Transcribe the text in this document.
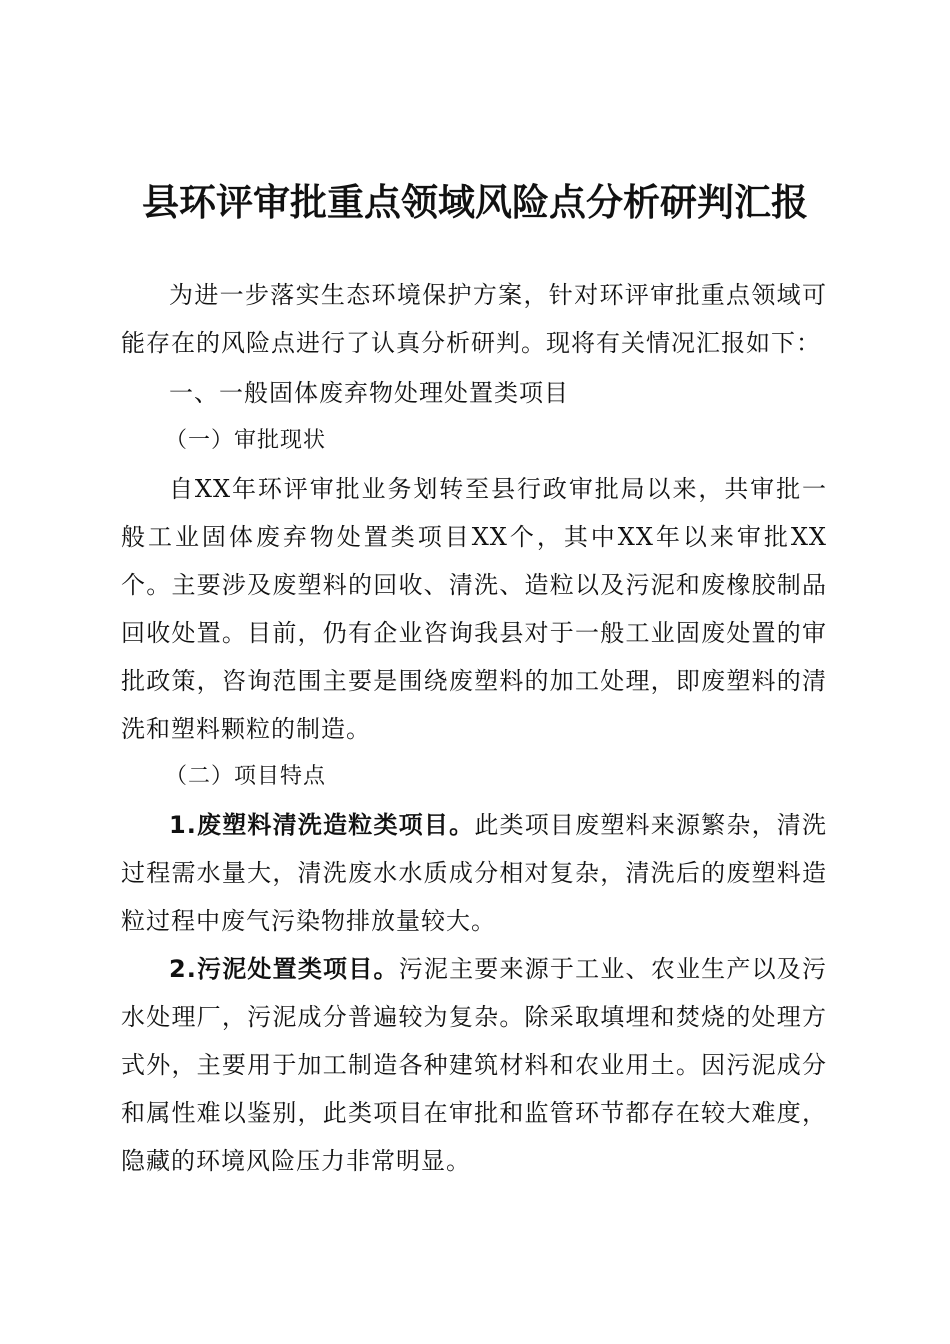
县环评审批重点领域风险点分析研判汇报

为进一步落实生态环境保护方案，针对环评审批重点领域可能存在的风险点进行了认真分析研判。现将有关情况汇报如下：

一、一般固体废弃物处理处置类项目

（一）审批现状

自XX年环评审批业务划转至县行政审批局以来，共审批一般工业固体废弃物处置类项目XX个，其中XX年以来审批XX个。主要涉及废塑料的回收、清洗、造粒以及污泥和废橡胶制品回收处置。目前，仍有企业咨询我县对于一般工业固废处置的审批政策，咨询范围主要是围绕废塑料的加工处理，即废塑料的清洗和塑料颗粒的制造。

（二）项目特点

1.废塑料清洗造粒类项目。此类项目废塑料来源繁杂，清洗过程需水量大，清洗废水水质成分相对复杂，清洗后的废塑料造粒过程中废气污染物排放量较大。

2.污泥处置类项目。污泥主要来源于工业、农业生产以及污水处理厂，污泥成分普遍较为复杂。除采取填埋和焚烧的处理方式外，主要用于加工制造各种建筑材料和农业用土。因污泥成分和属性难以鉴别，此类项目在审批和监管环节都存在较大难度，隐藏的环境风险压力非常明显。
